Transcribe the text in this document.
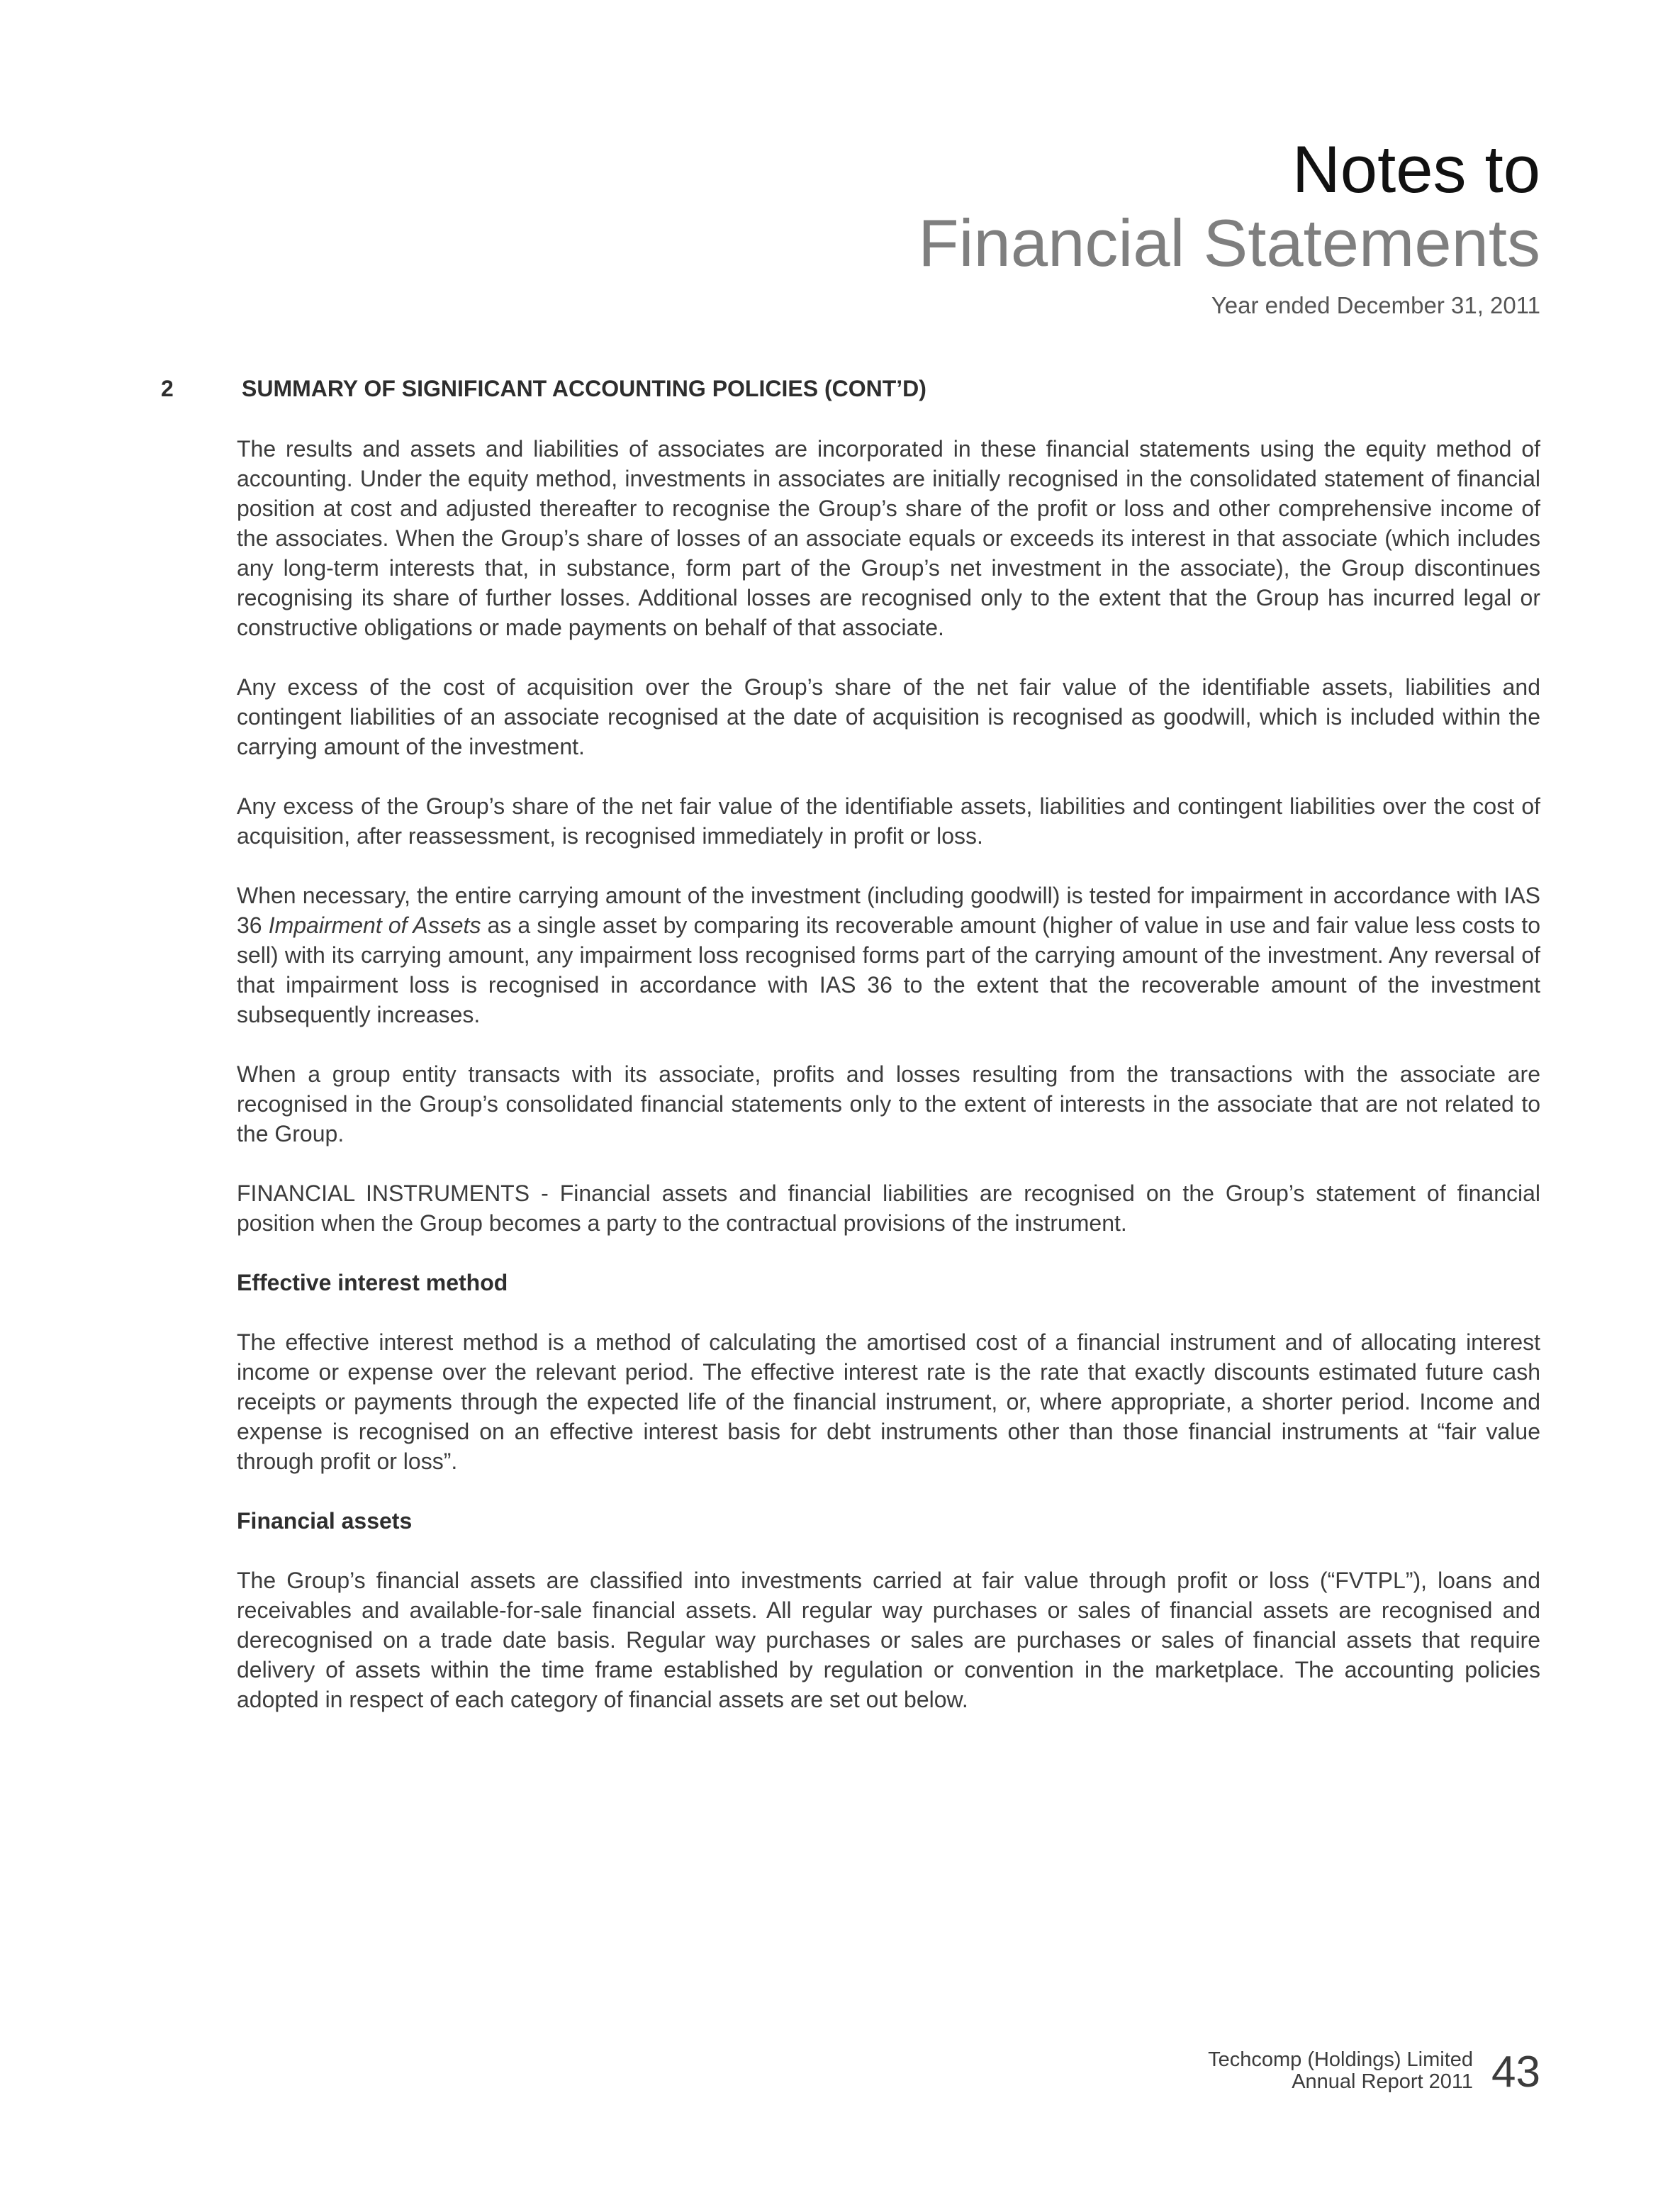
Notes to
Financial Statements
Year ended December 31, 2011
2	SUMMARY OF SIGNIFICANT ACCOUNTING POLICIES (CONT’D)

The results and assets and liabilities of associates are incorporated in these financial statements using the equity method of accounting. Under the equity method, investments in associates are initially recognised in the consolidated statement of financial position at cost and adjusted thereafter to recognise the Group’s share of the profit or loss and other comprehensive income of the associates. When the Group’s share of losses of an associate equals or exceeds its interest in that associate (which includes any long-term interests that, in substance, form part of the Group’s net investment in the associate), the Group discontinues recognising its share of further losses. Additional losses are recognised only to the extent that the Group has incurred legal or constructive obligations or made payments on behalf of that associate.

Any excess of the cost of acquisition over the Group’s share of the net fair value of the identifiable assets, liabilities and contingent liabilities of an associate recognised at the date of acquisition is recognised as goodwill, which is included within the carrying amount of the investment.

Any excess of the Group’s share of the net fair value of the identifiable assets, liabilities and contingent liabilities over the cost of acquisition, after reassessment, is recognised immediately in profit or loss.

When necessary, the entire carrying amount of the investment (including goodwill) is tested for impairment in accordance with IAS 36 Impairment of Assets as a single asset by comparing its recoverable amount (higher of value in use and fair value less costs to sell) with its carrying amount, any impairment loss recognised forms part of the carrying amount of the investment. Any reversal of that impairment loss is recognised in accordance with IAS 36 to the extent that the recoverable amount of the investment subsequently increases.

When a group entity transacts with its associate, profits and losses resulting from the transactions with the associate are recognised in the Group’s consolidated financial statements only to the extent of interests in the associate that are not related to the Group.

FINANCIAL INSTRUMENTS - Financial assets and financial liabilities are recognised on the Group’s statement of financial position when the Group becomes a party to the contractual provisions of the instrument.

Effective interest method

The effective interest method is a method of calculating the amortised cost of a financial instrument and of allocating interest income or expense over the relevant period. The effective interest rate is the rate that exactly discounts estimated future cash receipts or payments through the expected life of the financial instrument, or, where appropriate, a shorter period. Income and expense is recognised on an effective interest basis for debt instruments other than those financial instruments at “fair value through profit or loss”.

Financial assets

The Group’s financial assets are classified into investments carried at fair value through profit or loss (“FVTPL”), loans and receivables and available-for-sale financial assets. All regular way purchases or sales of financial assets are recognised and derecognised on a trade date basis. Regular way purchases or sales are purchases or sales of financial assets that require delivery of assets within the time frame established by regulation or convention in the marketplace. The accounting policies adopted in respect of each category of financial assets are set out below.

Techcomp (Holdings) Limited
Annual Report 2011 43
